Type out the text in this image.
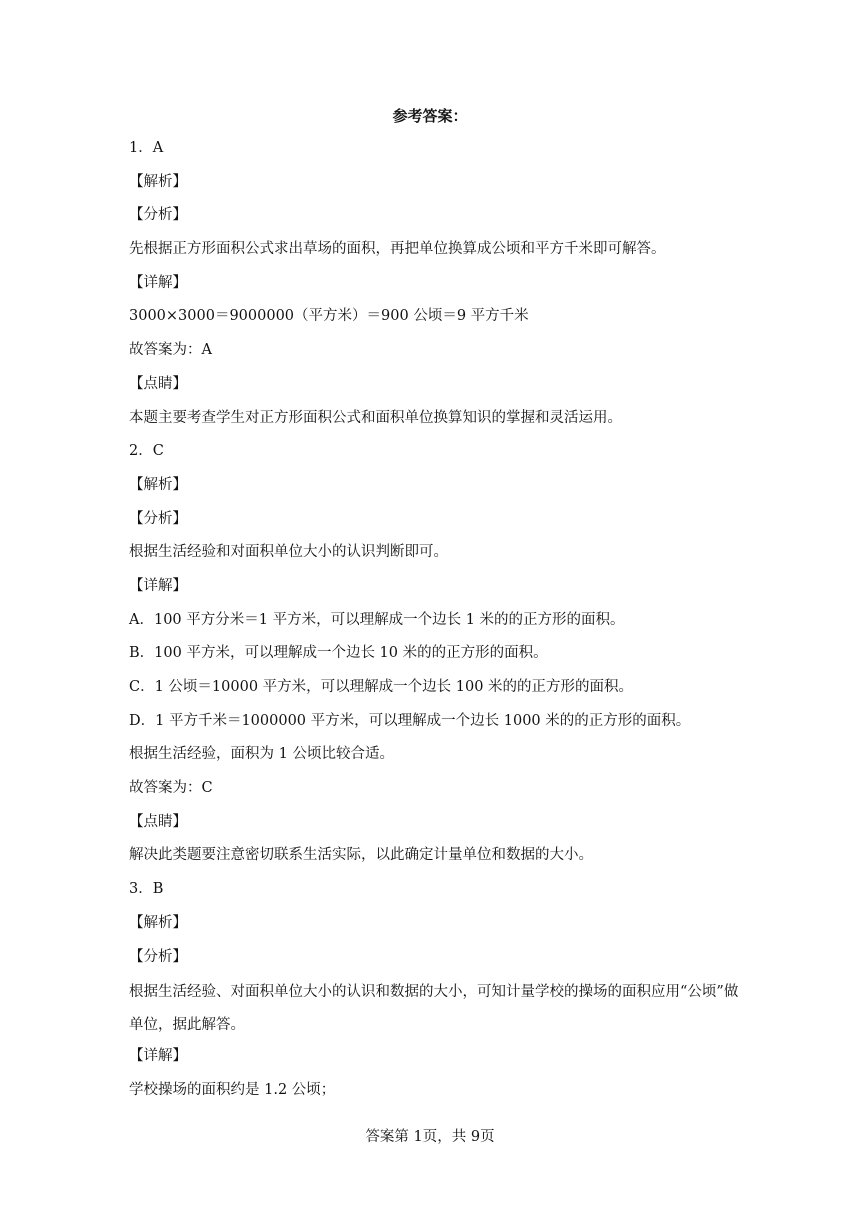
参考答案：
1．A
【解析】
【分析】
先根据正方形面积公式求出草场的面积，再把单位换算成公顷和平方千米即可解答。
【详解】
3000×3000＝9000000（平方米）＝900 公顷＝9 平方千米
故答案为：A
【点睛】
本题主要考查学生对正方形面积公式和面积单位换算知识的掌握和灵活运用。
2．C
【解析】
【分析】
根据生活经验和对面积单位大小的认识判断即可。
【详解】
A．100 平方分米＝1 平方米，可以理解成一个边长 1 米的的正方形的面积。
B．100 平方米，可以理解成一个边长 10 米的的正方形的面积。
C．1 公顷＝10000 平方米，可以理解成一个边长 100 米的的正方形的面积。
D．1 平方千米＝1000000 平方米，可以理解成一个边长 1000 米的的正方形的面积。
根据生活经验，面积为 1 公顷比较合适。
故答案为：C
【点睛】
解决此类题要注意密切联系生活实际，以此确定计量单位和数据的大小。
3．B
【解析】
【分析】
根据生活经验、对面积单位大小的认识和数据的大小，可知计量学校的操场的面积应用“公顷”做单位，据此解答。
【详解】
学校操场的面积约是 1.2 公顷；
答案第 1页，共 9页
